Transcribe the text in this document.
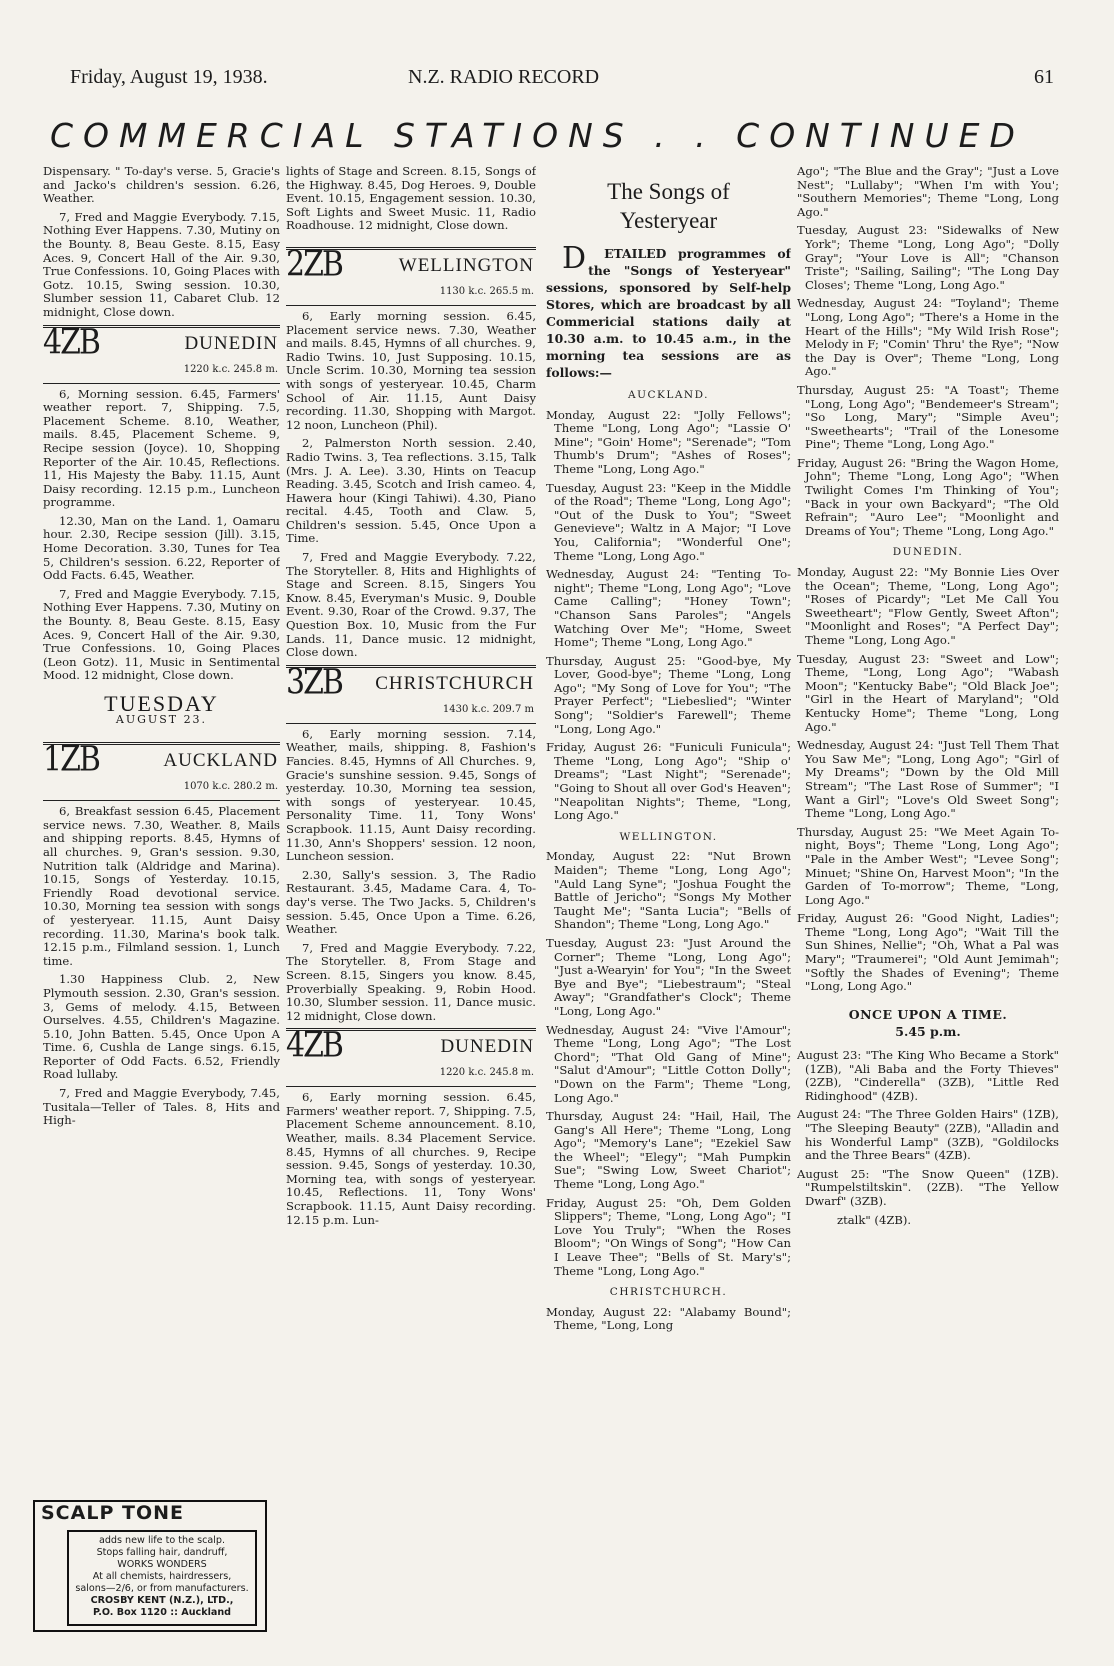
Friday, August 19, 1938.	N.Z. RADIO RECORD	61
COMMERCIAL STATIONS . . CONTINUED

Dispensary. " To-day's verse. 5, Gracie's and Jacko's children's session. 6.26, Weather.

7, Fred and Maggie Everybody. 7.15, Nothing Ever Happens. 7.30, Mutiny on the Bounty. 8, Beau Geste. 8.15, Easy Aces. 9, Concert Hall of the Air. 9.30, True Confessions. 10, Going Places with Gotz. 10.15, Swing session. 10.30, Slumber session 11, Cabaret Club. 12 midnight, Close down.

4ZB	DUNEDIN
1220 k.c. 245.8 m.

6, Morning session. 6.45, Farmers' weather report. 7, Shipping. 7.5, Placement Scheme. 8.10, Weather, mails. 8.45, Placement Scheme. 9, Recipe session (Joyce). 10, Shopping Reporter of the Air. 10.45, Reflections. 11, His Majesty the Baby. 11.15, Aunt Daisy recording. 12.15 p.m., Luncheon programme.

12.30, Man on the Land. 1, Oamaru hour. 2.30, Recipe session (Jill). 3.15, Home Decoration. 3.30, Tunes for Tea 5, Children's session. 6.22, Reporter of Odd Facts. 6.45, Weather.

7, Fred and Maggie Everybody. 7.15, Nothing Ever Happens. 7.30, Mutiny on the Bounty. 8, Beau Geste. 8.15, Easy Aces. 9, Concert Hall of the Air. 9.30, True Confessions. 10, Going Places (Leon Gotz). 11, Music in Sentimental Mood. 12 midnight, Close down.

TUESDAY
AUGUST 23.
1ZB	AUCKLAND
1070 k.c. 280.2 m.

6, Breakfast session 6.45, Placement service news. 7.30, Weather. 8, Mails and shipping reports. 8.45, Hymns of all churches. 9, Gran's session. 9.30, Nutrition talk (Aldridge and Marina). 10.15, Songs of Yesterday. 10.15, Friendly Road devotional service. 10.30, Morning tea session with songs of yesteryear. 11.15, Aunt Daisy recording. 11.30, Marina's book talk. 12.15 p.m., Filmland session. 1, Lunch time.

1.30 Happiness Club. 2, New Plymouth session. 2.30, Gran's session. 3, Gems of melody. 4.15, Between Ourselves. 4.55, Children's Magazine. 5.10, John Batten. 5.45, Once Upon A Time. 6, Cushla de Lange sings. 6.15, Reporter of Odd Facts. 6.52, Friendly Road lullaby.

7, Fred and Maggie Everybody, 7.45, Tusitala—Teller of Tales. 8, Hits and High-

SCALP TONE
adds new life to the scalp.
Stops falling hair, dandruff,
WORKS WONDERS
At all chemists, hairdressers,
salons—2/6, or from manufacturers.
CROSBY KENT (N.Z.), LTD.,
P.O. Box 1120 :: Auckland

lights of Stage and Screen. 8.15, Songs of the Highway. 8.45, Dog Heroes. 9, Double Event. 10.15, Engagement session. 10.30, Soft Lights and Sweet Music. 11, Radio Roadhouse. 12 midnight, Close down.

2ZB	WELLINGTON
1130 k.c. 265.5 m.

6, Early morning session. 6.45, Placement service news. 7.30, Weather and mails. 8.45, Hymns of all churches. 9, Radio Twins. 10, Just Supposing. 10.15, Uncle Scrim. 10.30, Morning tea session with songs of yesteryear. 10.45, Charm School of Air. 11.15, Aunt Daisy recording. 11.30, Shopping with Margot. 12 noon, Luncheon (Phil).

2, Palmerston North session. 2.40, Radio Twins. 3, Tea reflections. 3.15, Talk (Mrs. J. A. Lee). 3.30, Hints on Teacup Reading. 3.45, Scotch and Irish cameo. 4, Hawera hour (Kingi Tahiwi). 4.30, Piano recital. 4.45, Tooth and Claw. 5, Children's session. 5.45, Once Upon a Time.

7, Fred and Maggie Everybody. 7.22, The Storyteller. 8, Hits and Highlights of Stage and Screen. 8.15, Singers You Know. 8.45, Everyman's Music. 9, Double Event. 9.30, Roar of the Crowd. 9.37, The Question Box. 10, Music from the Fur Lands. 11, Dance music. 12 midnight, Close down.

3ZB CHRISTCHURCH
1430 k.c. 209.7 m

6, Early morning session. 7.14, Weather, mails, shipping. 8, Fashion's Fancies. 8.45, Hymns of All Churches. 9, Gracie's sunshine session. 9.45, Songs of yesterday. 10.30, Morning tea session, with songs of yesteryear. 10.45, Personality Time. 11, Tony Wons' Scrapbook. 11.15, Aunt Daisy recording. 11.30, Ann's Shoppers' session. 12 noon, Luncheon session.

2.30, Sally's session. 3, The Radio Restaurant. 3.45, Madame Cara. 4, To-day's verse. The Two Jacks. 5, Children's session. 5.45, Once Upon a Time. 6.26, Weather.

7, Fred and Maggie Everybody. 7.22, The Storyteller. 8, From Stage and Screen. 8.15, Singers you know. 8.45, Proverbially Speaking. 9, Robin Hood. 10.30, Slumber session. 11, Dance music. 12 midnight, Close down.

4ZB	DUNEDIN
1220 k.c. 245.8 m.

6, Early morning session. 6.45, Farmers' weather report. 7, Shipping. 7.5, Placement Scheme announcement. 8.10, Weather, mails. 8.34 Placement Service. 8.45, Hymns of all churches. 9, Recipe session. 9.45, Songs of yesterday. 10.30, Morning tea, with songs of yesteryear. 10.45, Reflections. 11, Tony Wons' Scrapbook. 11.15, Aunt Daisy recording. 12.15 p.m. Lun-

The Songs of
Yesteryear

D ETAILED programmes of the "Songs of Yesteryear" sessions, sponsored by Self-help Stores, which are broadcast by all Commericial stations daily at 10.30 a.m. to 10.45 a.m., in the morning tea sessions are as follows:—

AUCKLAND.

Monday, August 22: "Jolly Fellows"; Theme "Long, Long Ago"; "Lassie O' Mine"; "Goin' Home"; "Serenade"; "Tom Thumb's Drum"; "Ashes of Roses"; Theme "Long, Long Ago."

Tuesday, August 23: "Keep in the Middle of the Road"; Theme "Long, Long Ago"; "Out of the Dusk to You"; "Sweet Genevieve"; Waltz in A Major; "I Love You, California"; "Wonderful One"; Theme "Long, Long Ago."

Wednesday, August 24: "Tenting To-night"; Theme "Long, Long Ago"; "Love Came Calling"; "Honey Town"; "Chanson Sans Paroles"; "Angels Watching Over Me"; "Home, Sweet Home"; Theme "Long, Long Ago."

Thursday, August 25: "Good-bye, My Lover, Good-bye"; Theme "Long, Long Ago"; "My Song of Love for You"; "The Prayer Perfect"; "Liebeslied"; "Winter Song"; "Soldier's Farewell"; Theme "Long, Long Ago."

Friday, August 26: "Funiculi Funicula"; Theme "Long, Long Ago"; "Ship o' Dreams"; "Last Night"; "Serenade"; "Going to Shout all over God's Heaven"; "Neapolitan Nights"; Theme, "Long, Long Ago."

WELLINGTON.

Monday, August 22: "Nut Brown Maiden"; Theme "Long, Long Ago"; "Auld Lang Syne"; "Joshua Fought the Battle of Jericho"; "Songs My Mother Taught Me"; "Santa Lucia"; "Bells of Shandon"; Theme "Long, Long Ago."

Tuesday, August 23: "Just Around the Corner"; Theme "Long, Long Ago"; "Just a-Wearyin' for You"; "In the Sweet Bye and Bye"; "Liebestraum"; "Steal Away"; "Grandfather's Clock"; Theme "Long, Long Ago."

Wednesday, August 24: "Vive l'Amour"; Theme "Long, Long Ago"; "The Lost Chord"; "That Old Gang of Mine"; "Salut d'Amour"; "Little Cotton Dolly"; "Down on the Farm"; Theme "Long, Long Ago."

Thursday, August 24: "Hail, Hail, The Gang's All Here"; Theme "Long, Long Ago"; "Memory's Lane"; "Ezekiel Saw the Wheel"; "Elegy"; "Mah Pumpkin Sue"; "Swing Low, Sweet Chariot"; Theme "Long, Long Ago."

Friday, August 25: "Oh, Dem Golden Slippers"; Theme, "Long, Long Ago"; "I Love You Truly"; "When the Roses Bloom"; "On Wings of Song"; "How Can I Leave Thee"; "Bells of St. Mary's"; Theme "Long, Long Ago."

CHRISTCHURCH.

Monday, August 22: "Alabamy Bound"; Theme, "Long, Long

Ago"; "The Blue and the Gray"; "Just a Love Nest"; "Lullaby"; "When I'm with You'; "Southern Memories"; Theme "Long, Long Ago."

Tuesday, August 23: "Sidewalks of New York"; Theme "Long, Long Ago"; "Dolly Gray"; "Your Love is All"; "Chanson Triste"; "Sailing, Sailing"; "The Long Day Closes'; Theme "Long, Long Ago."

Wednesday, August 24: "Toyland"; Theme "Long, Long Ago"; "There's a Home in the Heart of the Hills"; "My Wild Irish Rose"; Melody in F; "Comin' Thru' the Rye"; "Now the Day is Over"; Theme "Long, Long Ago."

Thursday, August 25: "A Toast"; Theme "Long, Long Ago"; "Bendemeer's Stream"; "So Long, Mary"; "Simple Aveu"; "Sweethearts"; "Trail of the Lonesome Pine"; Theme "Long, Long Ago."

Friday, August 26: "Bring the Wagon Home, John"; Theme "Long, Long Ago"; "When Twilight Comes I'm Thinking of You"; "Back in your own Backyard"; "The Old Refrain"; "Auro Lee"; "Moonlight and Dreams of You"; Theme "Long, Long Ago."

DUNEDIN.

Monday, August 22: "My Bonnie Lies Over the Ocean"; Theme, "Long, Long Ago"; "Roses of Picardy"; "Let Me Call You Sweetheart"; "Flow Gently, Sweet Afton"; "Moonlight and Roses"; "A Perfect Day"; Theme "Long, Long Ago."

Tuesday, August 23: "Sweet and Low"; Theme, "Long, Long Ago"; "Wabash Moon"; "Kentucky Babe"; "Old Black Joe"; "Girl in the Heart of Maryland"; "Old Kentucky Home"; Theme "Long, Long Ago."

Wednesday, August 24: "Just Tell Them That You Saw Me"; "Long, Long Ago"; "Girl of My Dreams"; "Down by the Old Mill Stream"; "The Last Rose of Summer"; "I Want a Girl"; "Love's Old Sweet Song"; Theme "Long, Long Ago."

Thursday, August 25: "We Meet Again To-night, Boys"; Theme "Long, Long Ago"; "Pale in the Amber West"; "Levee Song"; Minuet; "Shine On, Harvest Moon"; "In the Garden of To-morrow"; Theme, "Long, Long Ago."

Friday, August 26: "Good Night, Ladies"; Theme "Long, Long Ago"; "Wait Till the Sun Shines, Nellie"; "Oh, What a Pal was Mary"; "Traumerei"; "Old Aunt Jemimah"; "Softly the Shades of Evening"; Theme "Long, Long Ago."

ONCE UPON A TIME.
5.45 p.m.

August 23: "The King Who Became a Stork" (1ZB), "Ali Baba and the Forty Thieves" (2ZB), "Cinderella" (3ZB), "Little Red Ridinghood" (4ZB).

August 24: "The Three Golden Hairs" (1ZB), "The Sleeping Beauty" (2ZB), "Alladin and his Wonderful Lamp" (3ZB), "Goldilocks and the Three Bears" (4ZB).

August 25: "The Snow Queen" (1ZB). "Rumpelstiltskin". (2ZB). "The Yellow Dwarf" (3ZB).

ztalk" (4ZB).
